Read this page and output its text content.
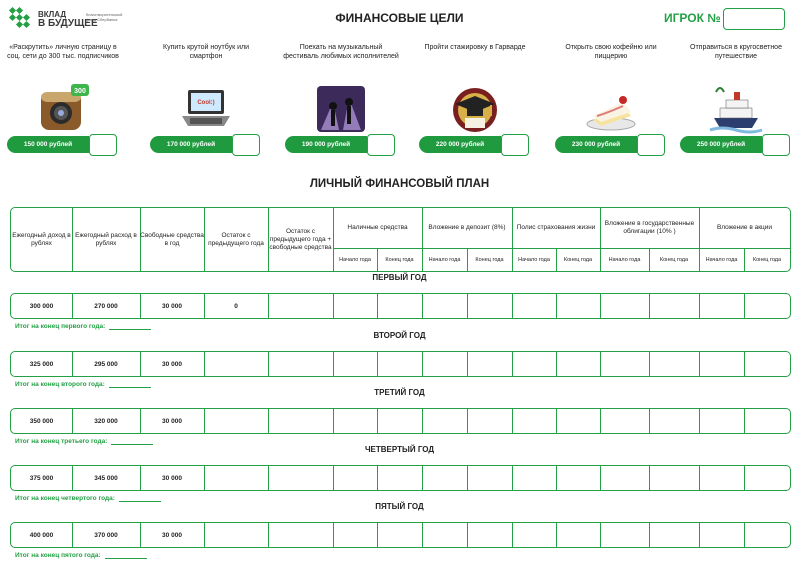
ВКЛАД
В БУДУЩЕЕ
благотворительный фонд Сбербанка	ФИНАНСОВЫЕ ЦЕЛИ	ИГРОК №
«Раскрутить» личную страницу в соц. сети до 300 тыс. подписчиков
300
150 000 рублей
Купить крутой ноутбук или смартфон
Cool:)
170 000 рублей
Поехать на музыкальный фестиваль любимых исполнителей
190 000 рублей
Пройти стажировку в Гарварде
220 000 рублей
Открыть свою кофейню или пиццерию
230 000 рублей
Отправиться в кругосветное путешествие
250 000 рублей
ЛИЧНЫЙ ФИНАНСОВЫЙ ПЛАН
Ежегодный доход в рублях
Ежегодный расход в рублях
Свободные средства в год
Остаток с предыдущего года
Остаток с предыдущего года + свободные средства
Наличные средства	Вложение в депозит (8%)	Полис страхования жизни
Вложение в государственные облигации (10% )
Вложение в акции
Начало года	Конец года	Начало года	Конец года	Начало года	Конец года	Начало года	Конец года	Начало года	Конец года
ПЕРВЫЙ ГОД
300 000	270 000	30 000	0
Итог на конец первого года:
ВТОРОЙ ГОД
325 000	295 000	30 000
Итог на конец второго года:
ТРЕТИЙ ГОД
350 000	320 000	30 000
Итог на конец третьего года:
ЧЕТВЕРТЫЙ ГОД
375 000	345 000	30 000
Итог на конец четвертого года:
ПЯТЫЙ ГОД
400 000	370 000	30 000
Итог на конец пятого года:
